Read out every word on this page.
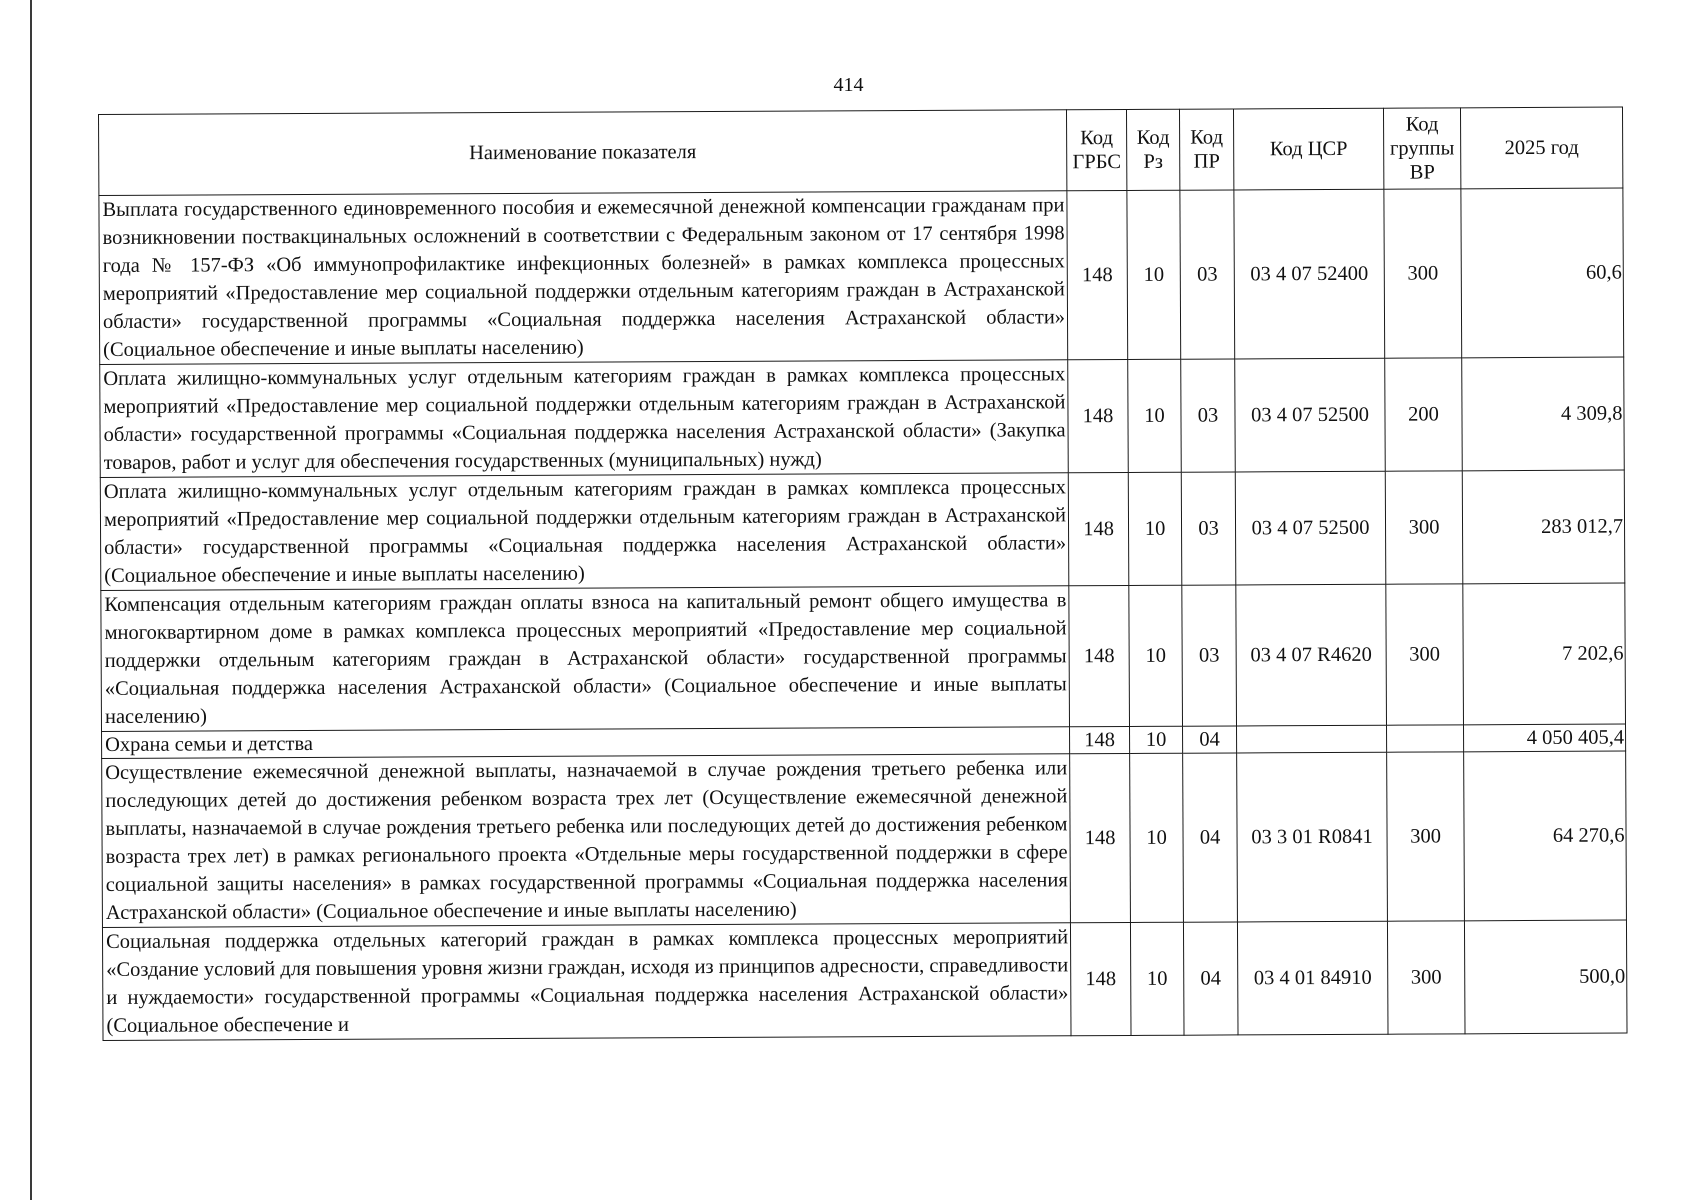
414
Наименование показателя	Код ГРБС	Код Рз	Код ПР	Код ЦСР	Код группы ВР	2025 год
Выплата государственного единовременного пособия и ежемесячной денежной компенсации гражданам при возникновении поствакцинальных осложнений в соответствии с Федеральным законом от 17 сентября 1998 года № 157-ФЗ «Об иммунопрофилактике инфекционных болезней» в рамках комплекса процессных мероприятий «Предоставление мер социальной поддержки отдельным категориям граждан в Астраханской области» государственной программы «Социальная поддержка населения Астраханской области» (Социальное обеспечение и иные выплаты населению)	148	10	03	03 4 07 52400	300	60,6
Оплата жилищно-коммунальных услуг отдельным категориям граждан в рамках комплекса процессных мероприятий «Предоставление мер социальной поддержки отдельным категориям граждан в Астраханской области» государственной программы «Социальная поддержка населения Астраханской области» (Закупка товаров, работ и услуг для обеспечения государственных (муниципальных) нужд)	148	10	03	03 4 07 52500	200	4 309,8
Оплата жилищно-коммунальных услуг отдельным категориям граждан в рамках комплекса процессных мероприятий «Предоставление мер социальной поддержки отдельным категориям граждан в Астраханской области» государственной программы «Социальная поддержка населения Астраханской области» (Социальное обеспечение и иные выплаты населению)	148	10	03	03 4 07 52500	300	283 012,7
Компенсация отдельным категориям граждан оплаты взноса на капитальный ремонт общего имущества в многоквартирном доме в рамках комплекса процессных мероприятий «Предоставление мер социальной поддержки отдельным категориям граждан в Астраханской области» государственной программы «Социальная поддержка населения Астраханской области» (Социальное обеспечение и иные выплаты населению)	148	10	03	03 4 07 R4620	300	7 202,6
Охрана семьи и детства	148	10	04			4 050 405,4
Осуществление ежемесячной денежной выплаты, назначаемой в случае рождения третьего ребенка или последующих детей до достижения ребенком возраста трех лет (Осуществление ежемесячной денежной выплаты, назначаемой в случае рождения третьего ребенка или последующих детей до достижения ребенком возраста трех лет) в рамках регионального проекта «Отдельные меры государственной поддержки в сфере социальной защиты населения» в рамках государственной программы «Социальная поддержка населения Астраханской области» (Социальное обеспечение и иные выплаты населению)	148	10	04	03 3 01 R0841	300	64 270,6
Социальная поддержка отдельных категорий граждан в рамках комплекса процессных мероприятий «Создание условий для повышения уровня жизни граждан, исходя из принципов адресности, справедливости и нуждаемости» государственной программы «Социальная поддержка населения Астраханской области» (Социальное обеспечение и	148	10	04	03 4 01 84910	300	500,0
